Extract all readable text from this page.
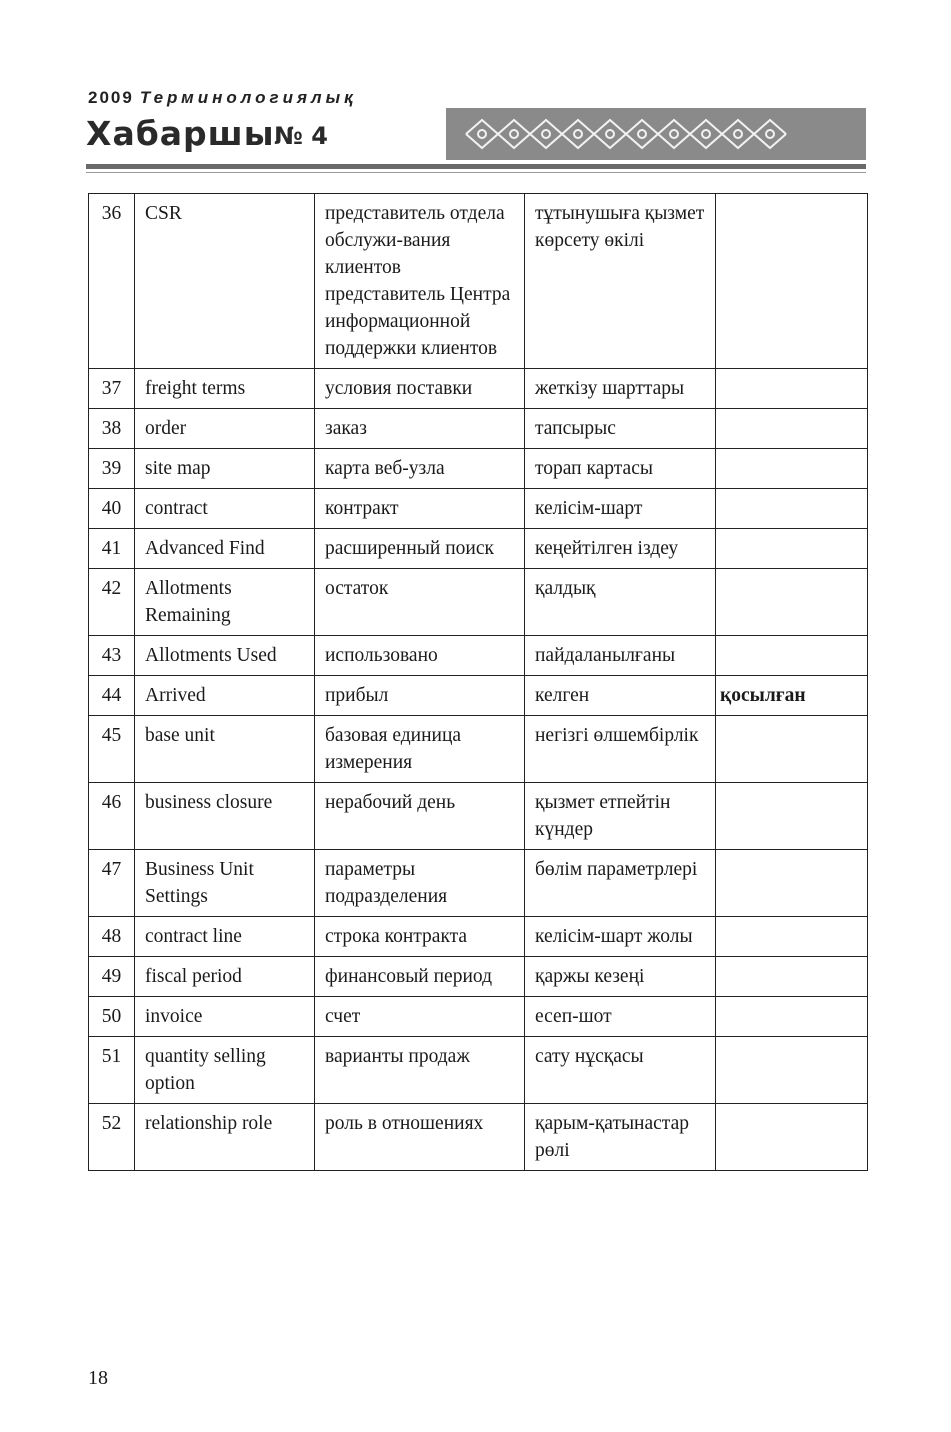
2009 Терминологиялық
Хабаршы № 4
36	CSR	представитель отдела обслужи-вания клиентов представитель Центра информационной поддержки клиентов	тұтынушыға қызмет көрсету өкілі	
37	freight terms	условия поставки	жеткізу шарттары	
38	order	заказ	тапсырыс	
39	site map	карта веб-узла	торап картасы	
40	contract	контракт	келісім-шарт	
41	Advanced Find	расширенный поиск	кеңейтілген іздеу	
42	Allotments Remaining	остаток	қалдық	
43	Allotments Used	использовано	пайдаланылғаны	
44	Arrived	прибыл	келген	қосылған
45	base unit	базовая единица измерения	негізгі өлшембірлік	
46	business closure	нерабочий день	қызмет етпейтін күндер	
47	Business Unit Settings	параметры подразделения	бөлім параметрлері	
48	contract line	строка контракта	келісім-шарт жолы	
49	fiscal period	финансовый период	қаржы кезеңі	
50	invoice	счет	есеп-шот	
51	quantity selling option	варианты продаж	сату нұсқасы	
52	relationship role	роль в отношениях	қарым-қатынастар рөлі	
18
